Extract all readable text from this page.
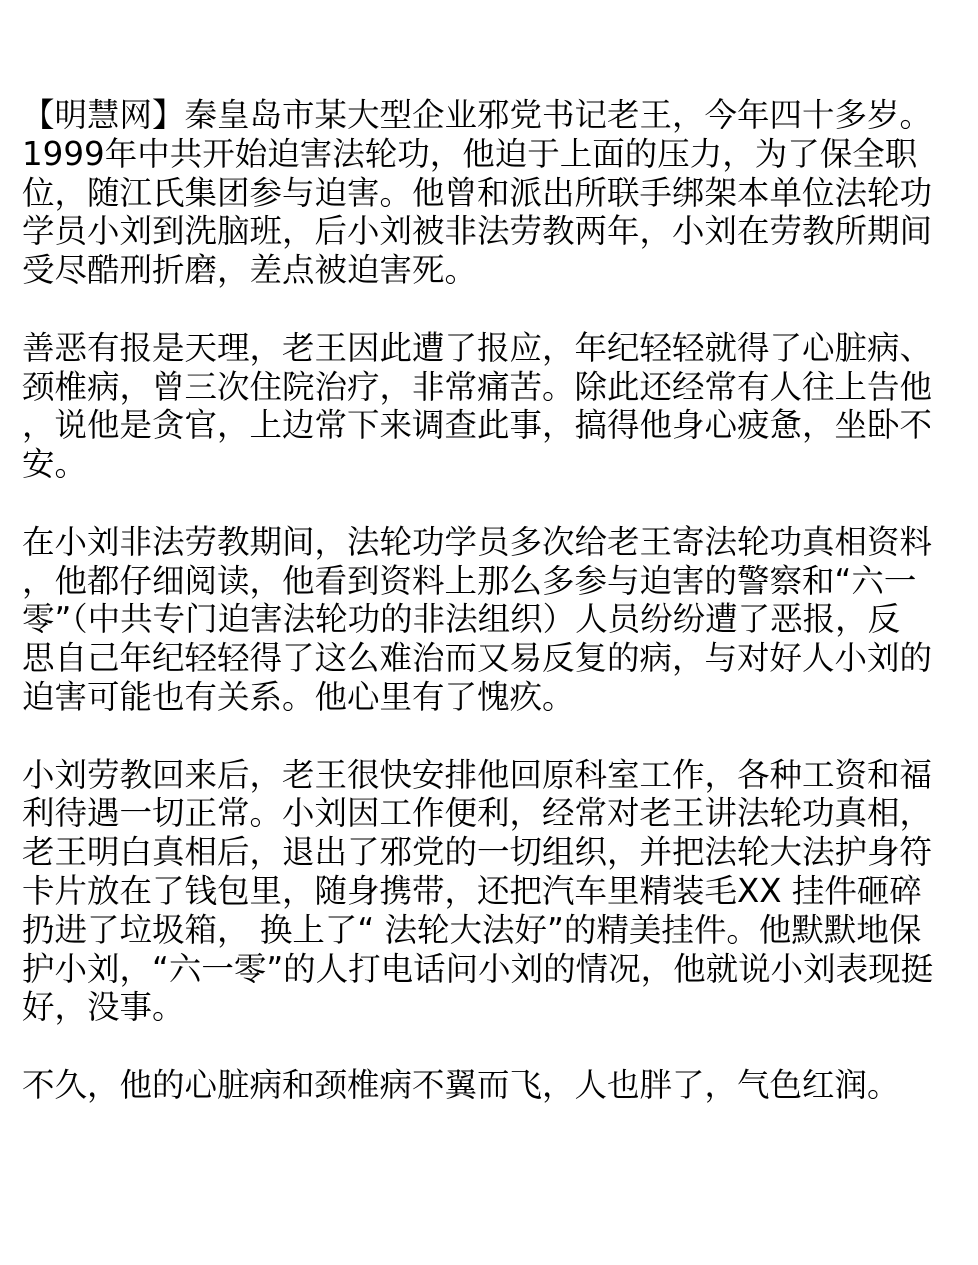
【明慧网】秦皇岛市某大型企业邪党书记老王，今年四十多岁。
1999年中共开始迫害法轮功，他迫于上面的压力，为了保全职
位，随江氏集团参与迫害。他曾和派出所联手绑架本单位法轮功
学员小刘到洗脑班，后小刘被非法劳教两年，小刘在劳教所期间
受尽酷刑折磨，差点被迫害死。

善恶有报是天理，老王因此遭了报应，年纪轻轻就得了心脏病、
颈椎病，曾三次住院治疗，非常痛苦。除此还经常有人往上告他
，说他是贪官，上边常下来调查此事，搞得他身心疲惫，坐卧不
安。

在小刘非法劳教期间，法轮功学员多次给老王寄法轮功真相资料
，他都仔细阅读，他看到资料上那么多参与迫害的警察和“六一
零”（中共专门迫害法轮功的非法组织）人员纷纷遭了恶报，反
思自己年纪轻轻得了这么难治而又易反复的病，与对好人小刘的
迫害可能也有关系。他心里有了愧疚。

小刘劳教回来后，老王很快安排他回原科室工作，各种工资和福
利待遇一切正常。小刘因工作便利，经常对老王讲法轮功真相，
老王明白真相后，退出了邪党的一切组织，并把法轮大法护身符
卡片放在了钱包里，随身携带，还把汽车里精装毛XX 挂件砸碎
扔进了垃圾箱， 换上了“ 法轮大法好”的精美挂件。他默默地保
护小刘，“六一零”的人打电话问小刘的情况，他就说小刘表现挺
好，没事。

不久，他的心脏病和颈椎病不翼而飞，人也胖了，气色红润。
